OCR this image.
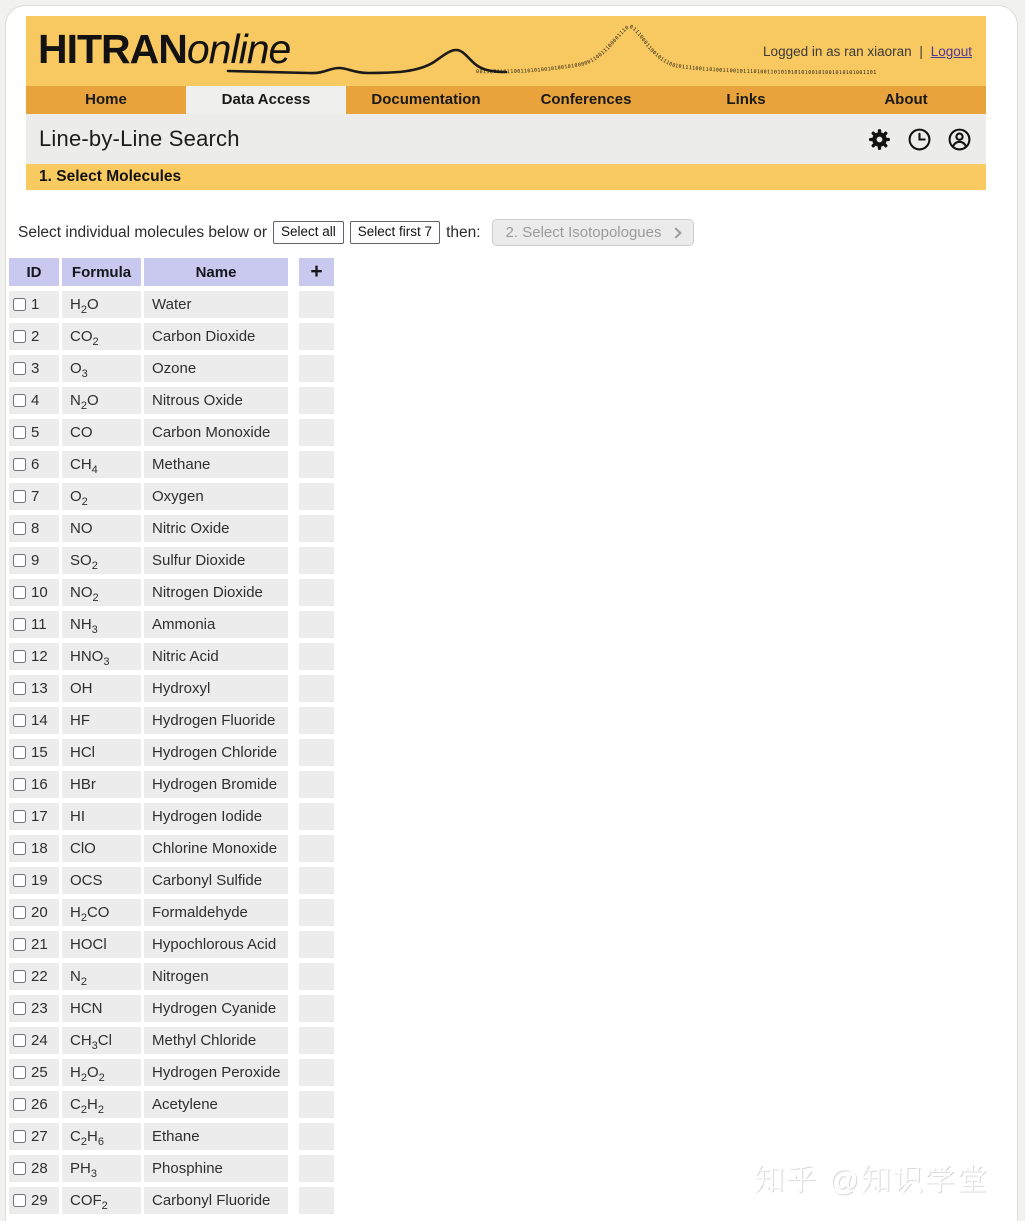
HITRANonline
001100010110011010100101001010000011001110000111001110001100101110010111100110100110010111010011010101010100101001010101001101
Logged in as ran xiaoran | Logout
Home	Data Access	Documentation	Conferences	Links	About
Line-by-Line Search
1. Select Molecules
Select individual molecules below or	Select all	Select first 7 then: 2. Select Isotopologues
ID	Formula	Name		+
1	$H_2O$	Water		
2	$CO_2$	Carbon Dioxide		
3	$O_3$	Ozone		
4	$N_2O$	Nitrous Oxide		
5	CO	Carbon Monoxide		
6	$CH_4$	Methane		
7	$O_2$	Oxygen		
8	NO	Nitric Oxide		
9	$SO_2$	Sulfur Dioxide		
10	$NO_2$	Nitrogen Dioxide		
11	$NH_3$	Ammonia		
12	$HNO_3$	Nitric Acid		
13	OH	Hydroxyl		
14	HF	Hydrogen Fluoride		
15	HCl	Hydrogen Chloride		
16	HBr	Hydrogen Bromide		
17	HI	Hydrogen Iodide		
18	ClO	Chlorine Monoxide		
19	OCS	Carbonyl Sulfide		
20	$H_2CO$	Formaldehyde		
21	HOCl	Hypochlorous Acid		
22	$N_2$	Nitrogen		
23	HCN	Hydrogen Cyanide		
24	$CH_3Cl$	Methyl Chloride		
25	$H_2O_2$	Hydrogen Peroxide		
26	$C_2H_2$	Acetylene		
27	$C_2H_6$	Ethane		
28	$PH_3$	Phosphine		
29	$COF_2$	Carbonyl Fluoride		
知乎 @知识学堂
